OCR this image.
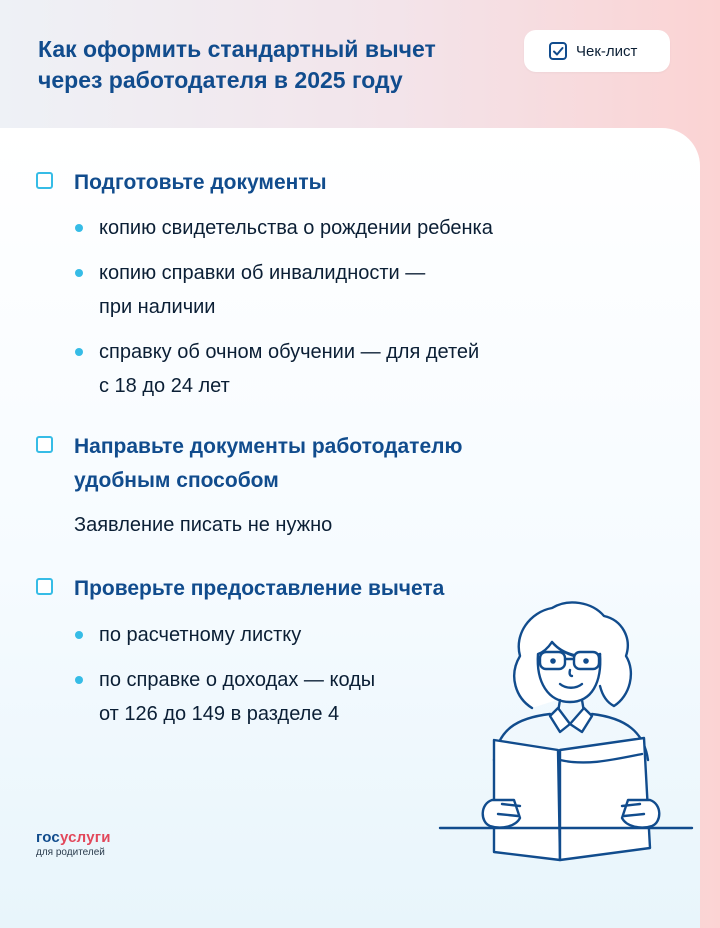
Как оформить стандартный вычет
через работодателя в 2025 году
Чек-лист
Подготовьте документы
копию свидетельства о рождении ребенка
копию справки об инвалидности —
при наличии
справку об очном обучении — для детей
с 18 до 24 лет
Направьте документы работодателю
удобным способом
Заявление писать не нужно
Проверьте предоставление вычета
по расчетному листку
по справке о доходах — коды
от 126 до 149 в разделе 4
госуслуги
для родителей
